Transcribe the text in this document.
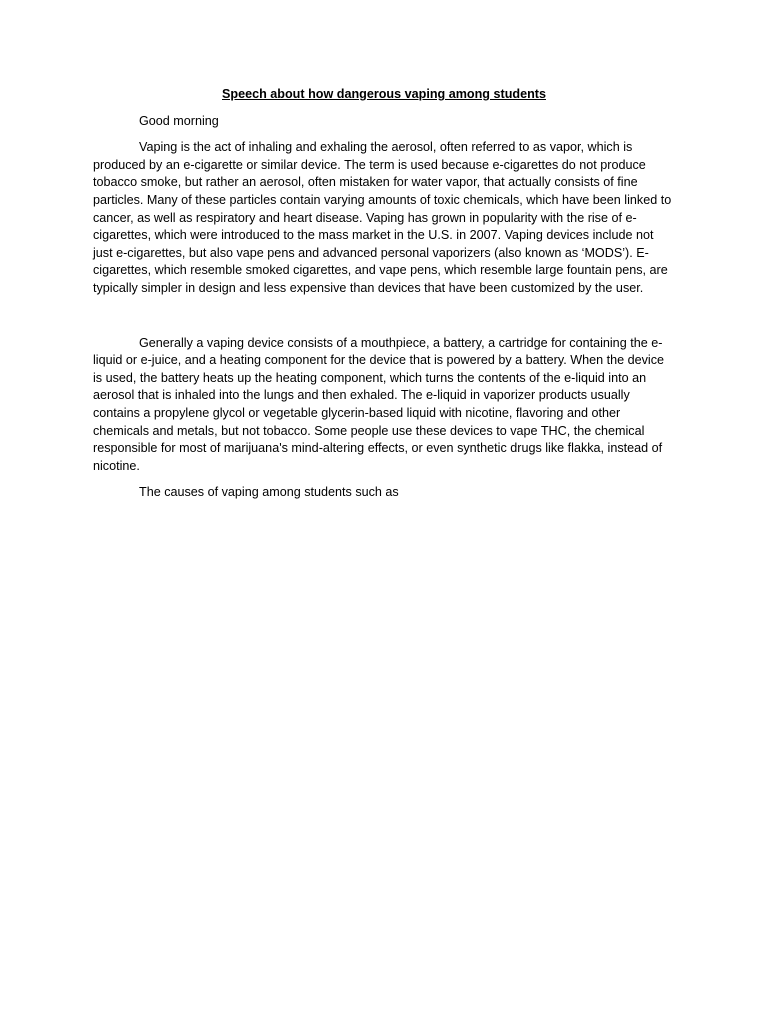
Speech about how dangerous vaping among students

Good morning

Vaping is the act of inhaling and exhaling the aerosol, often referred to as vapor, which is produced by an e-cigarette or similar device. The term is used because e-cigarettes do not produce tobacco smoke, but rather an aerosol, often mistaken for water vapor, that actually consists of fine particles. Many of these particles contain varying amounts of toxic chemicals, which have been linked to cancer, as well as respiratory and heart disease. Vaping has grown in popularity with the rise of e-cigarettes, which were introduced to the mass market in the U.S. in 2007. Vaping devices include not just e-cigarettes, but also vape pens and advanced personal vaporizers (also known as ‘MODS’). E-cigarettes, which resemble smoked cigarettes, and vape pens, which resemble large fountain pens, are typically simpler in design and less expensive than devices that have been customized by the user.

Generally a vaping device consists of a mouthpiece, a battery, a cartridge for containing the e-liquid or e-juice, and a heating component for the device that is powered by a battery. When the device is used, the battery heats up the heating component, which turns the contents of the e-liquid into an aerosol that is inhaled into the lungs and then exhaled. The e-liquid in vaporizer products usually contains a propylene glycol or vegetable glycerin-based liquid with nicotine, flavoring and other chemicals and metals, but not tobacco. Some people use these devices to vape THC, the chemical responsible for most of marijuana's mind-altering effects, or even synthetic drugs like flakka, instead of nicotine.

The causes of vaping among students such as
